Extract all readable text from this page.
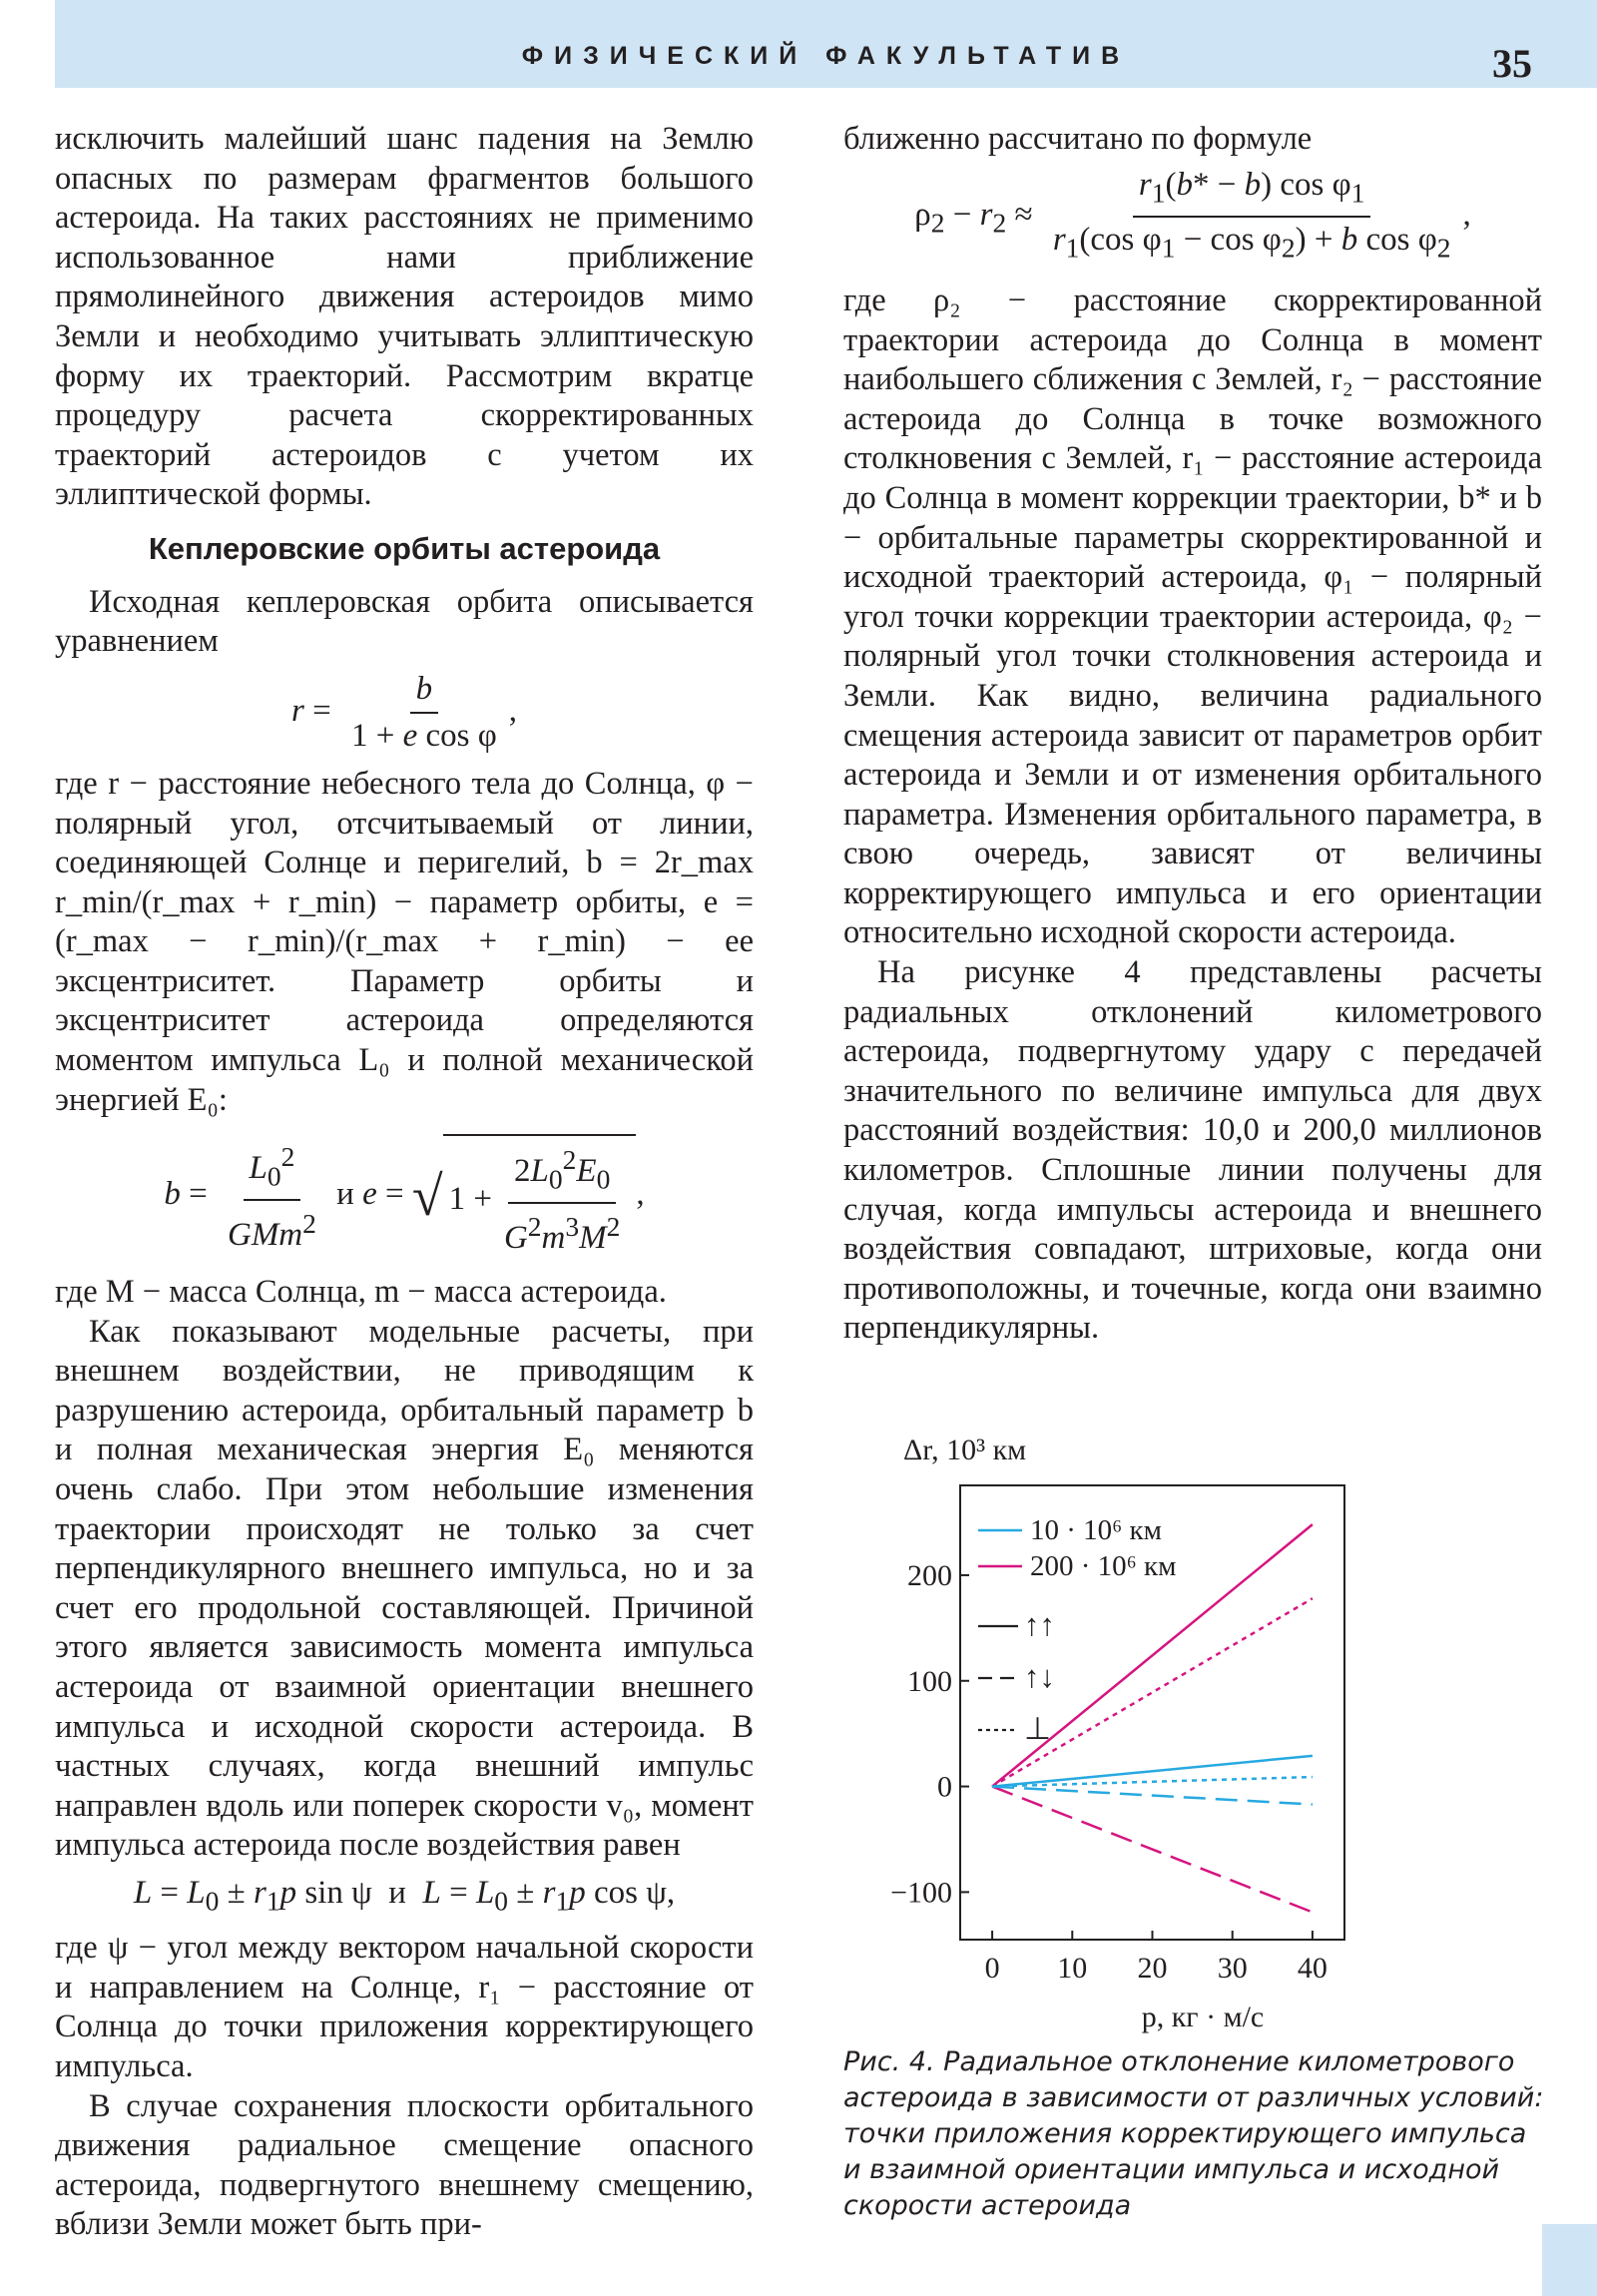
ФИЗИЧЕСКИЙ ФАКУЛЬТАТИВ	35

исключить малейший шанс падения на Землю опасных по размерам фрагментов большого астероида. На таких расстояниях не применимо использованное нами приближение прямолинейного движения астероидов мимо Земли и необходимо учитывать эллиптическую форму их траекторий. Рассмотрим вкратце процедуру расчета скорректированных траекторий астероидов с учетом их эллиптической формы.

Кеплеровские орбиты астероида

Исходная кеплеровская орбита описывается уравнением

$r = \frac{b}{\text{1 + e cos φ}}$ ,

где r − расстояние небесного тела до Солнца, φ − полярный угол, отсчитываемый от линии, соединяющей Солнце и перигелий, b = 2r_max r_min/(r_max + r_min) − параметр орбиты, e = (r_max − r_min)/(r_max + r_min) − ее эксцентриситет. Параметр орбиты и эксцентриситет астероида определяются моментом импульса L₀ и полной механической энергией E₀:

$b = \frac{L_0^2}{GMm^2}$ и e = √ $1 + \frac{2L_0^2E_0}{G^2m^3M^2}$ ,

где M − масса Солнца, m − масса астероида.

Как показывают модельные расчеты, при внешнем воздействии, не приводящим к разрушению астероида, орбитальный параметр b и полная механическая энергия E₀ меняются очень слабо. При этом небольшие изменения траектории происходят не только за счет перпендикулярного внешнего импульса, но и за счет его продольной составляющей. Причиной этого является зависимость момента импульса астероида от взаимной ориентации внешнего импульса и исходной скорости астероида. В частных случаях, когда внешний импульс направлен вдоль или поперек скорости v₀, момент импульса астероида после воздействия равен

$L = L_0 \pm r_1p$ sin ψ  и  $L = L_0 \pm r_1p$ cos ψ,

где ψ − угол между вектором начальной скорости и направлением на Солнце, r₁ − расстояние от Солнца до точки приложения корректирующего импульса.

В случае сохранения плоскости орбитального движения радиальное смещение опасного астероида, подвергнутого внешнему смещению, вблизи Земли может быть при-

ближенно рассчитано по формуле

$\rho_2 - r_2 \approx \frac{r_1(b* - b) \cos \varphi_1}{r_1(\cos \varphi_1 - \cos \varphi_2) + b \cos \varphi_2}$ ,

где ρ₂ − расстояние скорректированной траектории астероида до Солнца в момент наибольшего сближения с Землей, r₂ − расстояние астероида до Солнца в точке возможного столкновения с Землей, r₁ − расстояние астероида до Солнца в момент коррекции траектории, b* и b − орбитальные параметры скорректированной и исходной траекторий астероида, φ₁ − полярный угол точки коррекции траектории астероида, φ₂ − полярный угол точки столкновения астероида и Земли. Как видно, величина радиального смещения астероида зависит от параметров орбит астероида и Земли и от изменения орбитального параметра. Изменения орбитального параметра, в свою очередь, зависят от величины корректирующего импульса и его ориентации относительно исходной скорости астероида.

На рисунке 4 представлены расчеты радиальных отклонений километрового астероида, подвергнутому удару с передачей значительного по величине импульса для двух расстояний воздействия: 10,0 и 200,0 миллионов километров. Сплошные линии получены для случая, когда импульсы астероида и внешнего воздействия совпадают, штриховые, когда они противоположны, и точечные, когда они взаимно перпендикулярны.

Δr, 10³ км
0 10 20 30 40
−100
0
100
200
10 · 10⁶ км
200 · 10⁶ км
↑↑
↑↓
⊥
p, кг · м/с
Рис. 4. Радиальное отклонение километрового астероида в зависимости от различных условий: точки приложения корректирующего импульса и взаимной ориентации импульса и исходной скорости астероида
